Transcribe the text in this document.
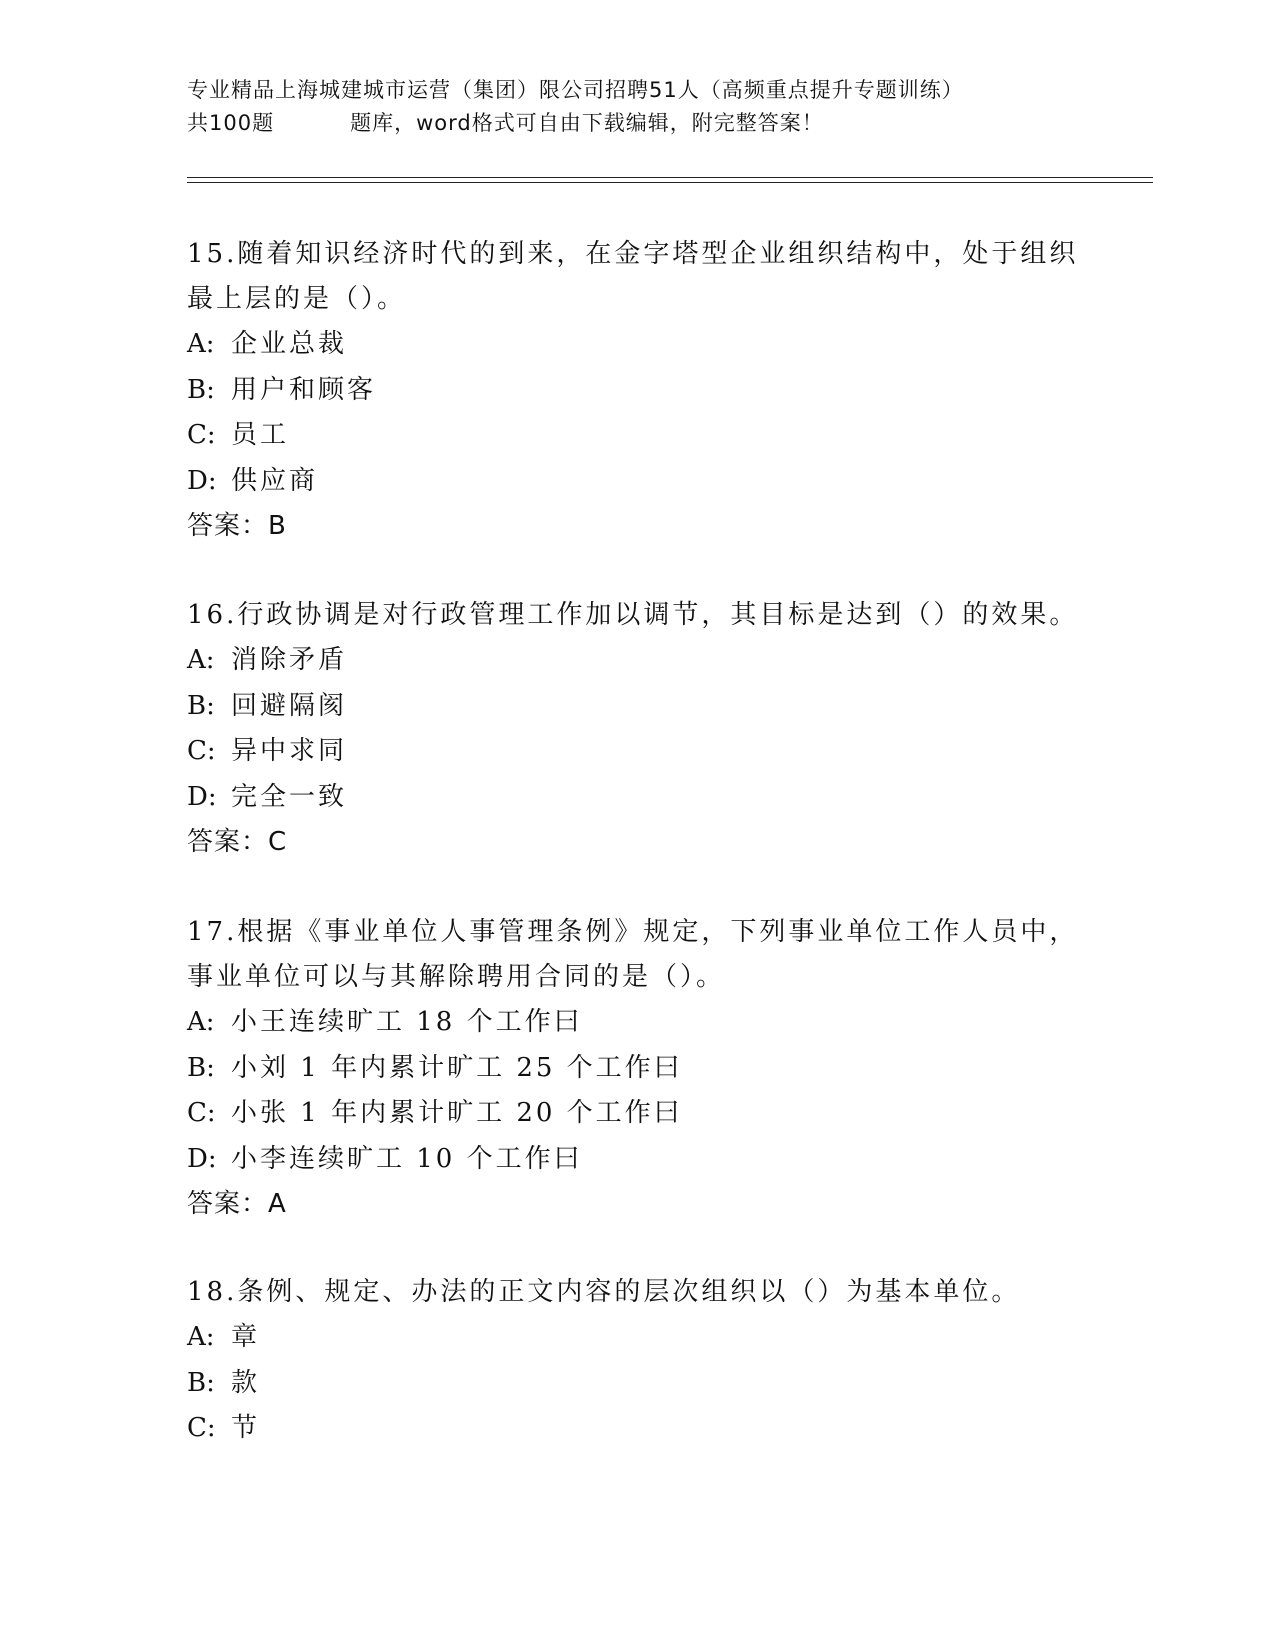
专业精品上海城建城市运营（集团）限公司招聘51人（高频重点提升专题训练）
共100题	题库，word格式可自由下载编辑，附完整答案！

15.随着知识经济时代的到来，在金字塔型企业组织结构中，处于组织

最上层的是（）。

A: 企业总裁

B: 用户和顾客

C: 员工

D: 供应商

答案：B

16.行政协调是对行政管理工作加以调节，其目标是达到（）的效果。

A: 消除矛盾

B: 回避隔阂

C: 异中求同

D: 完全一致

答案：C

17.根据《事业单位人事管理条例》规定，下列事业单位工作人员中，

事业单位可以与其解除聘用合同的是（）。

A: 小王连续旷工 18 个工作曰

B: 小刘 1 年内累计旷工 25 个工作曰

C: 小张 1 年内累计旷工 20 个工作曰

D: 小李连续旷工 10 个工作曰

答案：A

18.条例、规定、办法的正文内容的层次组织以（）为基本单位。

A: 章

B: 款

C: 节
